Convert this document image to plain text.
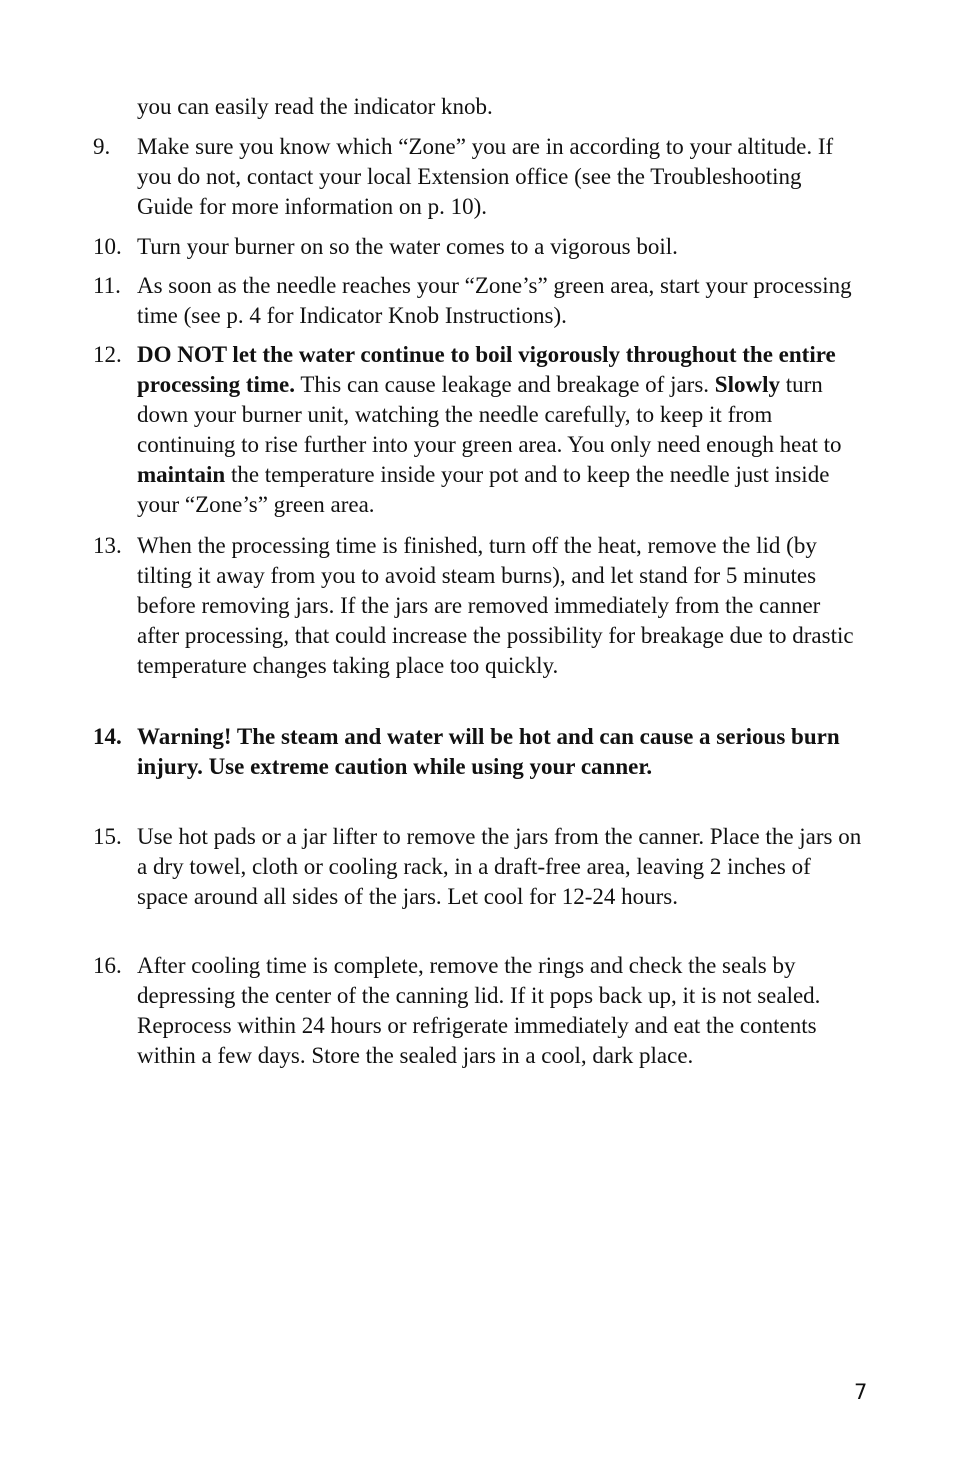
you can easily read the indicator knob.
9.	Make sure you know which “Zone” you are in according to your altitude. If you do not, contact your local Extension office (see the Troubleshooting Guide for more information on p. 10).
10. Turn your burner on so the water comes to a vigorous boil.
11. As soon as the needle reaches your “Zone’s” green area, start your processing time (see p. 4 for Indicator Knob Instructions).
12. DO NOT let the water continue to boil vigorously throughout the entire processing time. This can cause leakage and breakage of jars. Slowly turn down your burner unit, watching the needle carefully, to keep it from continuing to rise further into your green area. You only need enough heat to maintain the temperature inside your pot and to keep the needle just inside your “Zone’s” green area.
13. When the processing time is finished, turn off the heat, remove the lid (by tilting it away from you to avoid steam burns), and let stand for 5 minutes before removing jars. If the jars are removed immediately from the canner after processing, that could increase the possibility for breakage due to drastic temperature changes taking place too quickly.
14. Warning! The steam and water will be hot and can cause a serious burn injury. Use extreme caution while using your canner.
15. Use hot pads or a jar lifter to remove the jars from the canner. Place the jars on a dry towel, cloth or cooling rack, in a draft-free area, leaving 2 inches of space around all sides of the jars. Let cool for 12-24 hours.
16. After cooling time is complete, remove the rings and check the seals by depressing the center of the canning lid. If it pops back up, it is not sealed. Reprocess within 24 hours or refrigerate immediately and eat the contents within a few days. Store the sealed jars in a cool, dark place.
7
